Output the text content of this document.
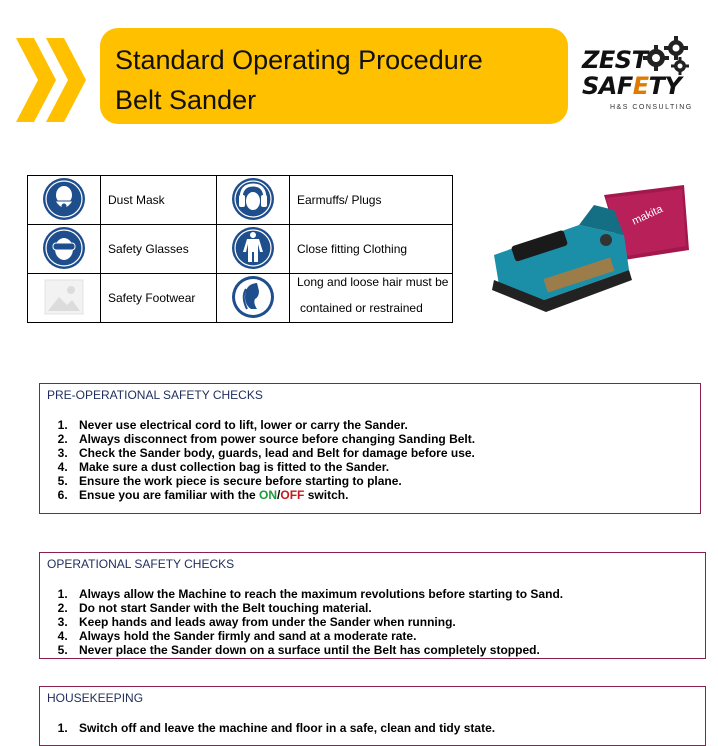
Standard Operating Procedure
Belt Sander
ZEST
SAFETY
H&S CONSULTING
	Dust Mask		Earmuffs/ Plugs
	Safety Glasses		Close fitting Clothing
	Safety Footwear		Long and loose hair must be
contained or restrained
makita
PRE-OPERATIONAL SAFETY CHECKS
1. Never use electrical cord to lift, lower or carry the Sander.
2. Always disconnect from power source before changing Sanding Belt.
3. Check the Sander body, guards, lead and Belt for damage before use.
4. Make sure a dust collection bag is fitted to the Sander.
5. Ensure the work piece is secure before starting to plane.
6. Ensue you are familiar with the ON/OFF switch.
OPERATIONAL SAFETY CHECKS
1. Always allow the Machine to reach the maximum revolutions before starting to Sand.
2. Do not start Sander with the Belt touching material.
3. Keep hands and leads away from under the Sander when running.
4. Always hold the Sander firmly and sand at a moderate rate.
5. Never place the Sander down on a surface until the Belt has completely stopped.
HOUSEKEEPING
1. Switch off and leave the machine and floor in a safe, clean and tidy state.
